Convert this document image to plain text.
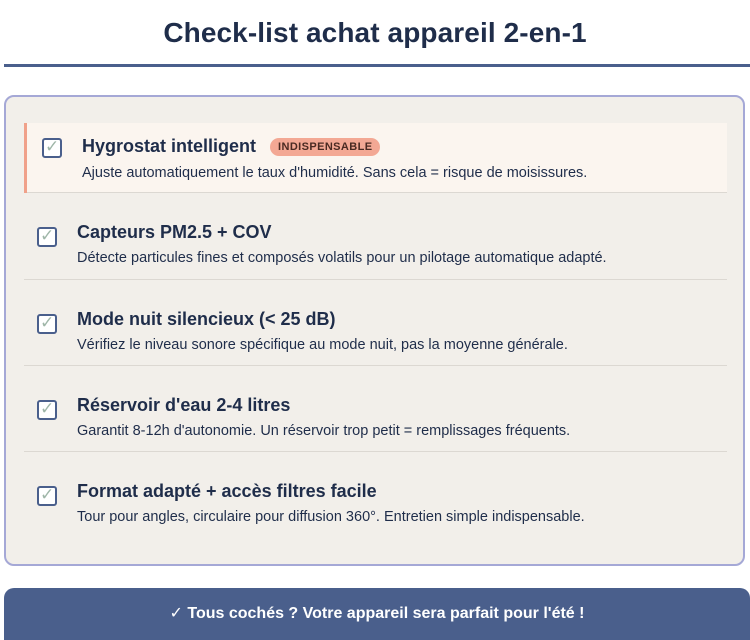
Check-list achat appareil 2-en-1
✓ Hygrostat intelligent INDISPENSABLE
Ajuste automatiquement le taux d'humidité. Sans cela = risque de moisissures.
✓ Capteurs PM2.5 + COV
Détecte particules fines et composés volatils pour un pilotage automatique adapté.
✓ Mode nuit silencieux (< 25 dB)
Vérifiez le niveau sonore spécifique au mode nuit, pas la moyenne générale.
✓ Réservoir d'eau 2-4 litres
Garantit 8-12h d'autonomie. Un réservoir trop petit = remplissages fréquents.
✓ Format adapté + accès filtres facile
Tour pour angles, circulaire pour diffusion 360°. Entretien simple indispensable.
✓ Tous cochés ? Votre appareil sera parfait pour l'été !
